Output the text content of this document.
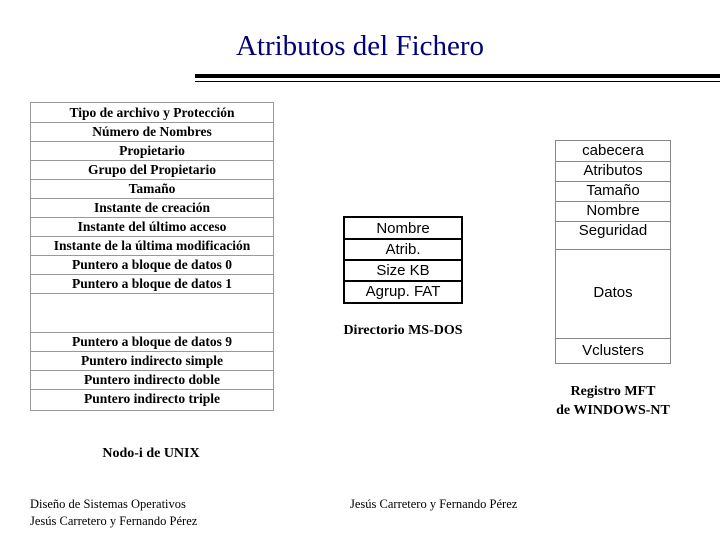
Atributos del Fichero
Tipo de archivo y Protección
Número de Nombres
Propietario
Grupo del Propietario
Tamaño
Instante de creación
Instante del último acceso
Instante de la última modificación
Puntero a bloque de datos 0
Puntero a bloque de datos 1
Puntero a bloque de datos 9
Puntero indirecto simple
Puntero indirecto doble
Puntero indirecto triple
Nodo-i de UNIX
Nombre
Atrib.
Size KB
Agrup. FAT
Directorio MS-DOS
cabecera
Atributos
Tamaño
Nombre
Seguridad
Datos
Vclusters
Registro MFT
de WINDOWS-NT
Diseño de Sistemas Operativos
Jesús Carretero y Fernando Pérez
Jesús Carretero y Fernando Pérez
